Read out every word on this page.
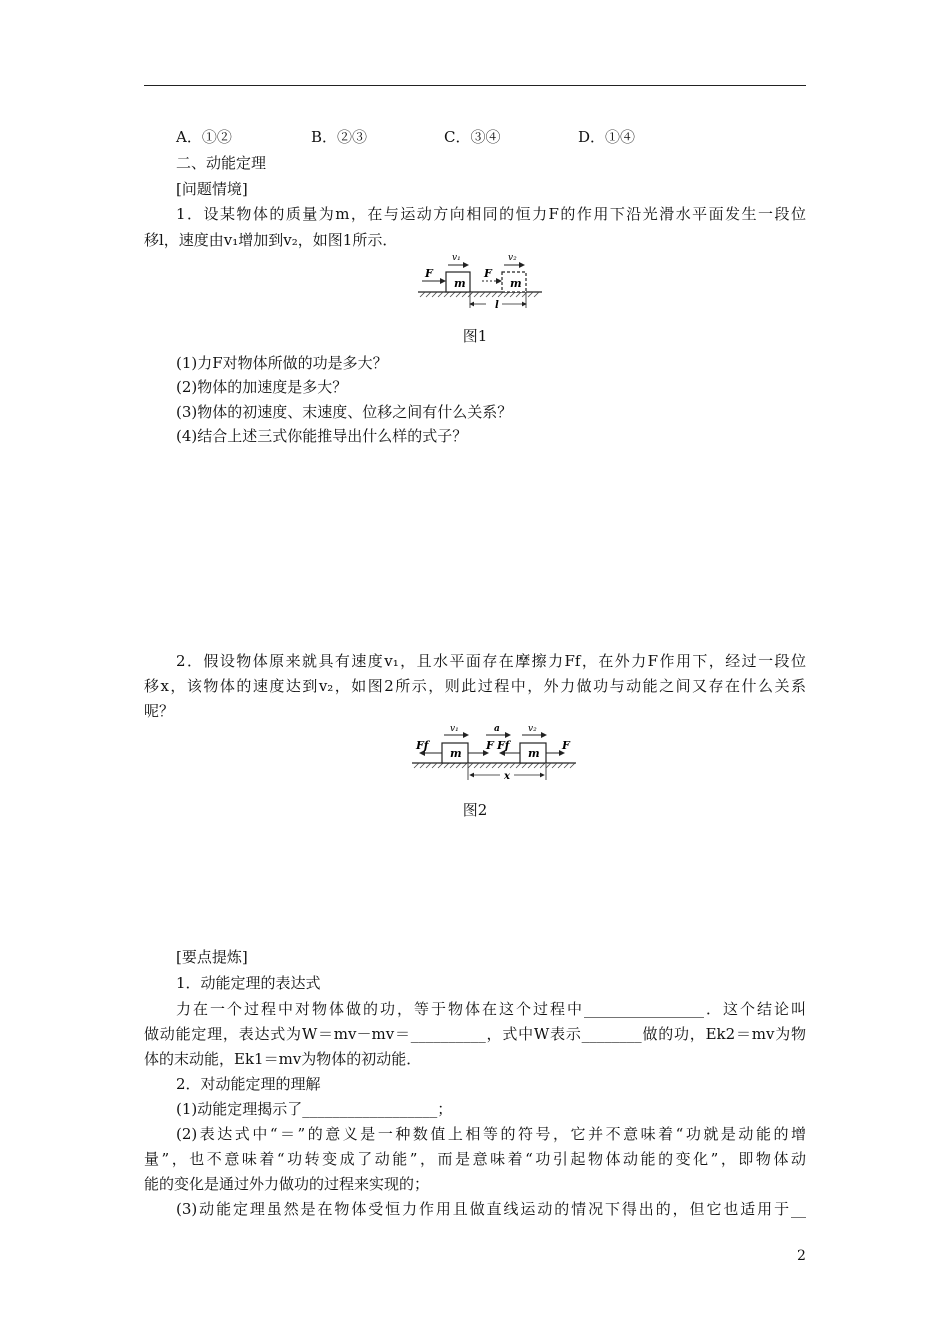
A．①②	B．②③	C．③④	D．①④
二、动能定理
[问题情境]
1．设某物体的质量为m，在与运动方向相同的恒力F的作用下沿光滑水平面发生一段位
移l，速度由v₁增加到v₂，如图1所示．
F	F
v₁	v₂
m	m
l
图1
(1)力F对物体所做的功是多大？
(2)物体的加速度是多大？
(3)物体的初速度、末速度、位移之间有什么关系？
(4)结合上述三式你能推导出什么样的式子？
2．假设物体原来就具有速度v₁，且水平面存在摩擦力Ff，在外力F作用下，经过一段位
移x，该物体的速度达到v₂，如图2所示，则此过程中，外力做功与动能之间又存在什么关系
呢？
Ff	F Ff	F
v₁	a	v₂
m	m
x
图2
[要点提炼]
1．动能定理的表达式
力在一个过程中对物体做的功，等于物体在这个过程中________________．这个结论叫
做动能定理，表达式为W＝mv－mv＝__________，式中W表示________做的功，Ek2＝mv为物
体的末动能，Ek1＝mv为物体的初动能．
2．对动能定理的理解
(1)动能定理揭示了__________________；
(2)表达式中“＝”的意义是一种数值上相等的符号，它并不意味着“功就是动能的增
量”，也不意味着“功转变成了动能”，而是意味着“功引起物体动能的变化”，即物体动
能的变化是通过外力做功的过程来实现的；
(3)动能定理虽然是在物体受恒力作用且做直线运动的情况下得出的，但它也适用于__
2
